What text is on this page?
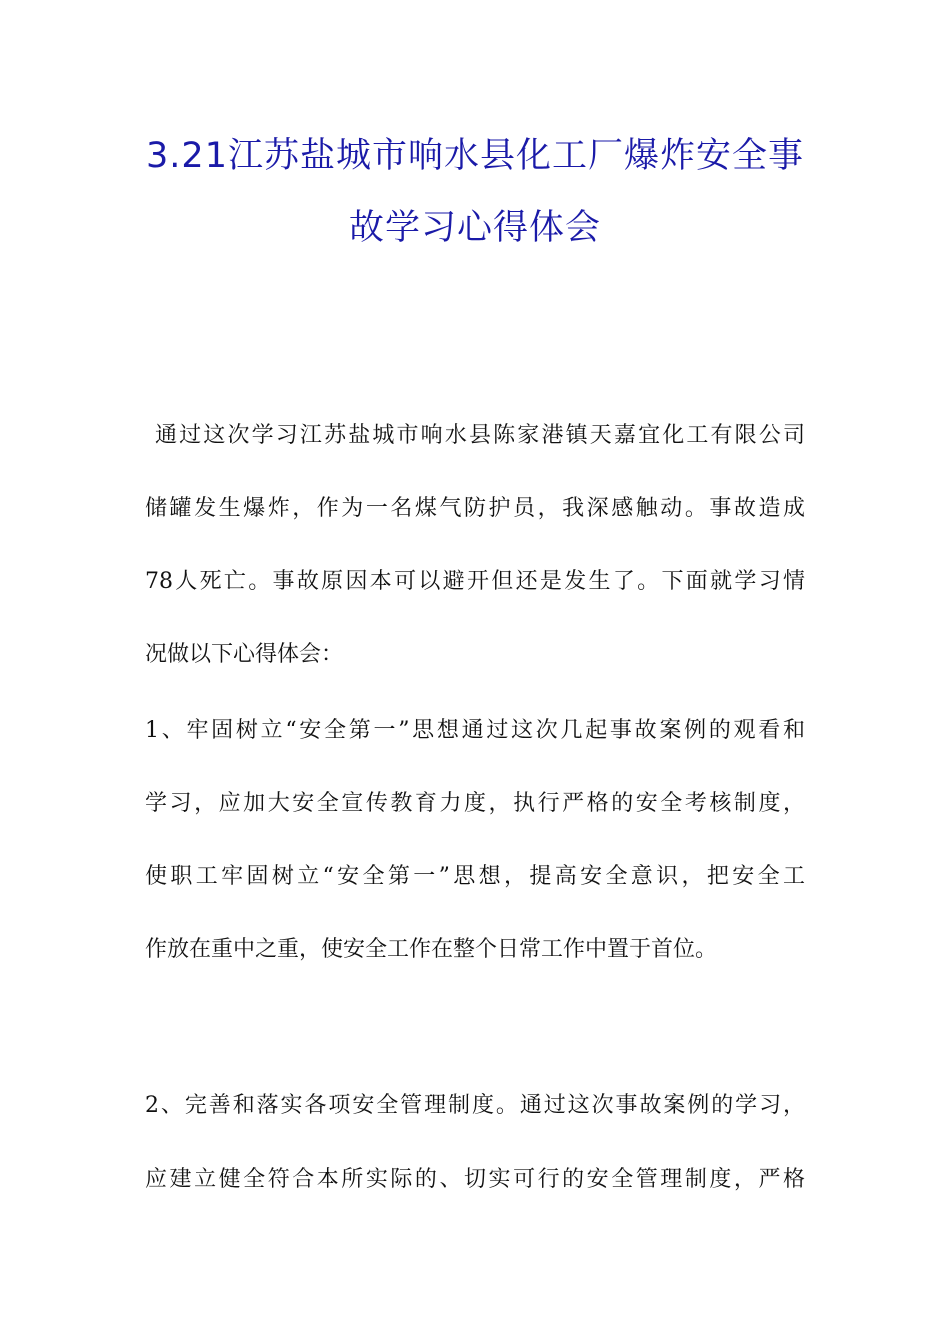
3.21江苏盐城市响水县化工厂爆炸安全事
故学习心得体会
通过这次学习江苏盐城市响水县陈家港镇天嘉宜化工有限公司
储罐发生爆炸，作为一名煤气防护员，我深感触动。事故造成
78人死亡。事故原因本可以避开但还是发生了。下面就学习情
况做以下心得体会：
1、牢固树立“安全第一”思想通过这次几起事故案例的观看和
学习，应加大安全宣传教育力度，执行严格的安全考核制度，
使职工牢固树立“安全第一”思想，提高安全意识，把安全工
作放在重中之重，使安全工作在整个日常工作中置于首位。
2、完善和落实各项安全管理制度。通过这次事故案例的学习，
应建立健全符合本所实际的、切实可行的安全管理制度，严格
